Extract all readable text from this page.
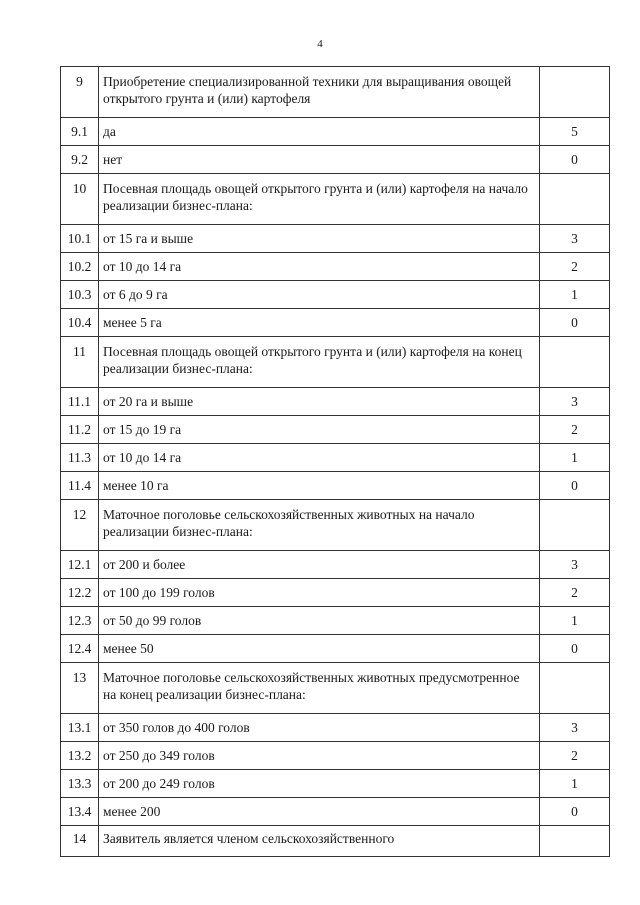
4
9	Приобретение специализированной техники для выращивания овощей открытого грунта и (или) картофеля	
9.1	да	5
9.2	нет	0
10	Посевная площадь овощей открытого грунта и (или) картофеля на начало реализации бизнес-плана:	
10.1	от 15 га и выше	3
10.2	от 10 до 14 га	2
10.3	от 6 до 9 га	1
10.4	менее 5 га	0
11	Посевная площадь овощей открытого грунта и (или) картофеля на конец реализации бизнес-плана:	
11.1	от 20 га и выше	3
11.2	от 15 до 19 га	2
11.3	от 10 до 14 га	1
11.4	менее 10 га	0
12	Маточное поголовье сельскохозяйственных животных на начало реализации бизнес-плана:	
12.1	от 200 и более	3
12.2	от 100 до 199 голов	2
12.3	от 50 до 99 голов	1
12.4	менее 50	0
13	Маточное поголовье сельскохозяйственных животных предусмотренное на конец реализации бизнес-плана:	
13.1	от 350 голов до 400 голов	3
13.2	от 250 до 349 голов	2
13.3	от 200 до 249 голов	1
13.4	менее 200	0
14	Заявитель является членом сельскохозяйственного	
